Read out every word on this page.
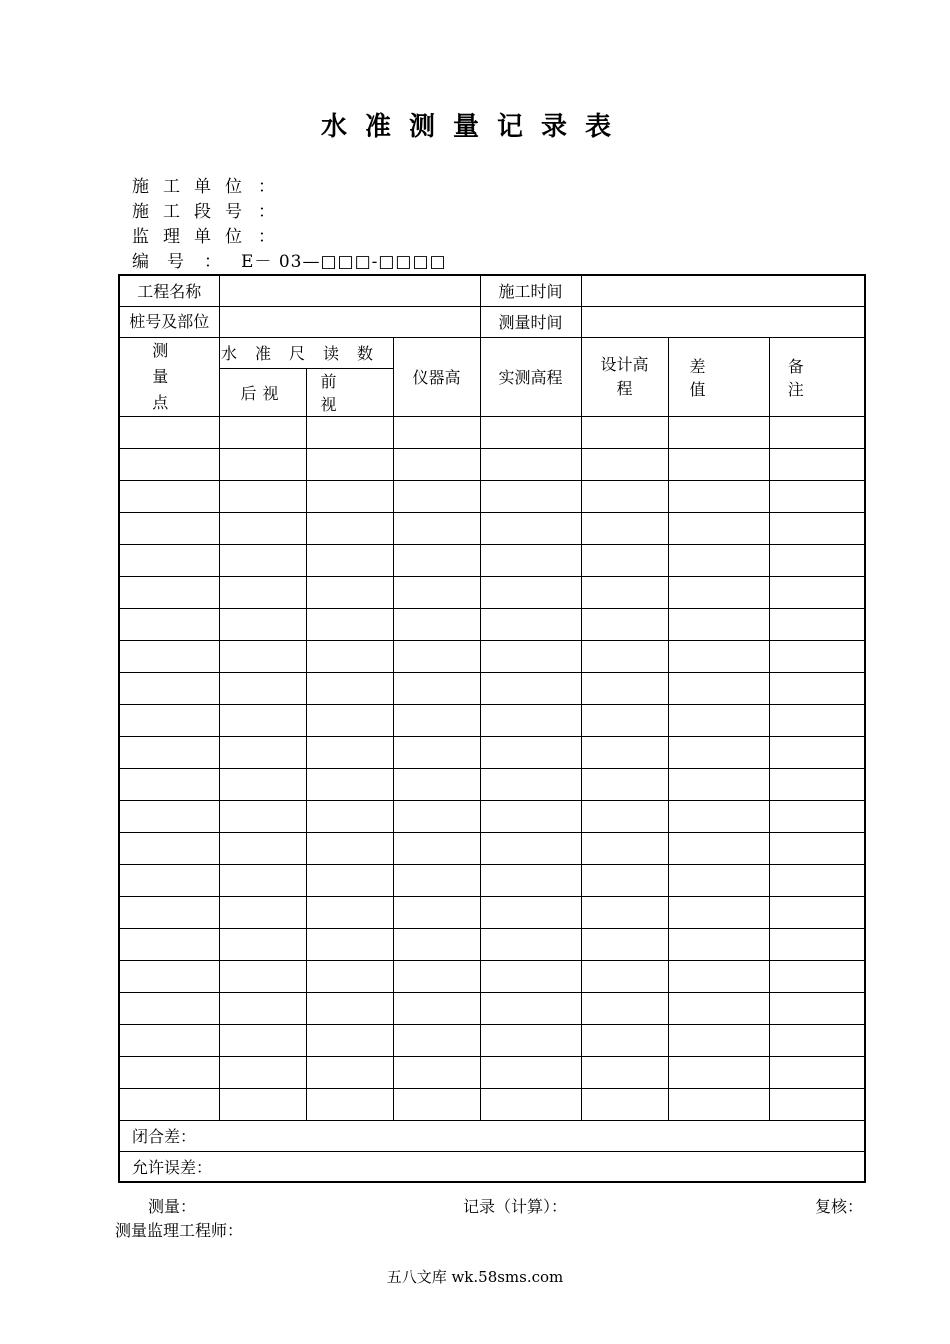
水准测量记录表
施工单位 ：
施工段号 ：
监理单位 ：
编号 ： E－ 03—□□□-□□□□
工程名称				施工时间			
桩号及部位				测量时间			
测量点	水准尺读数		仪器高	实测高程	设计高程	差值	备注
	后视	前视					

闭合差：							
允许误差：							
测量：	记录（计算）：	复核：
测量监理工程师：
五八文库 wk.58sms.com
